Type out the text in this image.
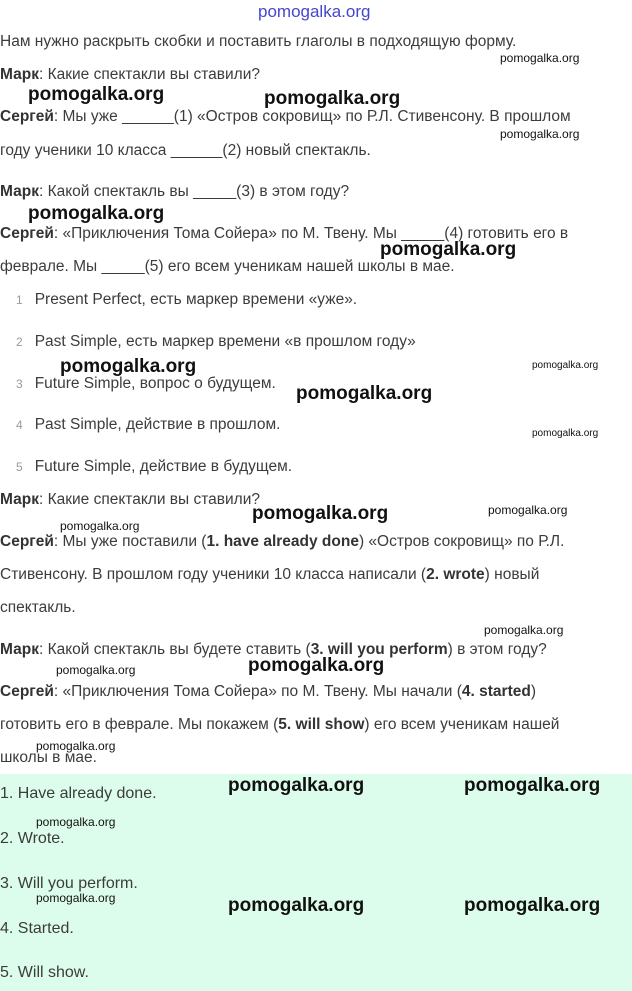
pomogalka.org
Нам нужно раскрыть скобки и поставить глаголы в подходящую форму.
Марк: Какие спектакли вы ставили?
Сергей: Мы уже ______(1) «Остров сокровищ» по Р.Л. Стивенсону. В прошлом
году ученики 10 класса ______(2) новый спектакль.
Марк: Какой спектакль вы _____(3) в этом году?
Сергей: «Приключения Тома Сойера» по М. Твену. Мы _____(4) готовить его в
феврале. Мы _____(5) его всем ученикам нашей школы в мае.
1 Present Perfect, есть маркер времени «уже».
2 Past Simple, есть маркер времени «в прошлом году»
3 Future Simple, вопрос о будущем.
4 Past Simple, действие в прошлом.
5 Future Simple, действие в будущем.
Марк: Какие спектакли вы ставили?
Сергей: Мы уже поставили (1. have already done) «Остров сокровищ» по Р.Л.
Стивенсону. В прошлом году ученики 10 класса написали (2. wrote) новый
спектакль.
Марк: Какой спектакль вы будете ставить (3. will you perform) в этом году?
Сергей: «Приключения Тома Сойера» по М. Твену. Мы начали (4. started)
готовить его в феврале. Мы покажем (5. will show) его всем ученикам нашей
школы в мае.
1. Have already done.
2. Wrote.
3. Will you perform.
4. Started.
5. Will show.
pomogalka.org
pomogalka.org	pomogalka.org
pomogalka.org
pomogalka.org
pomogalka.org
pomogalka.org	pomogalka.org
pomogalka.org
pomogalka.org
pomogalka.org
pomogalka.org
pomogalka.org
pomogalka.org
pomogalka.org
pomogalka.org
pomogalka.org
pomogalka.org	pomogalka.org
pomogalka.org
pomogalka.org	pomogalka.org	pomogalka.org
